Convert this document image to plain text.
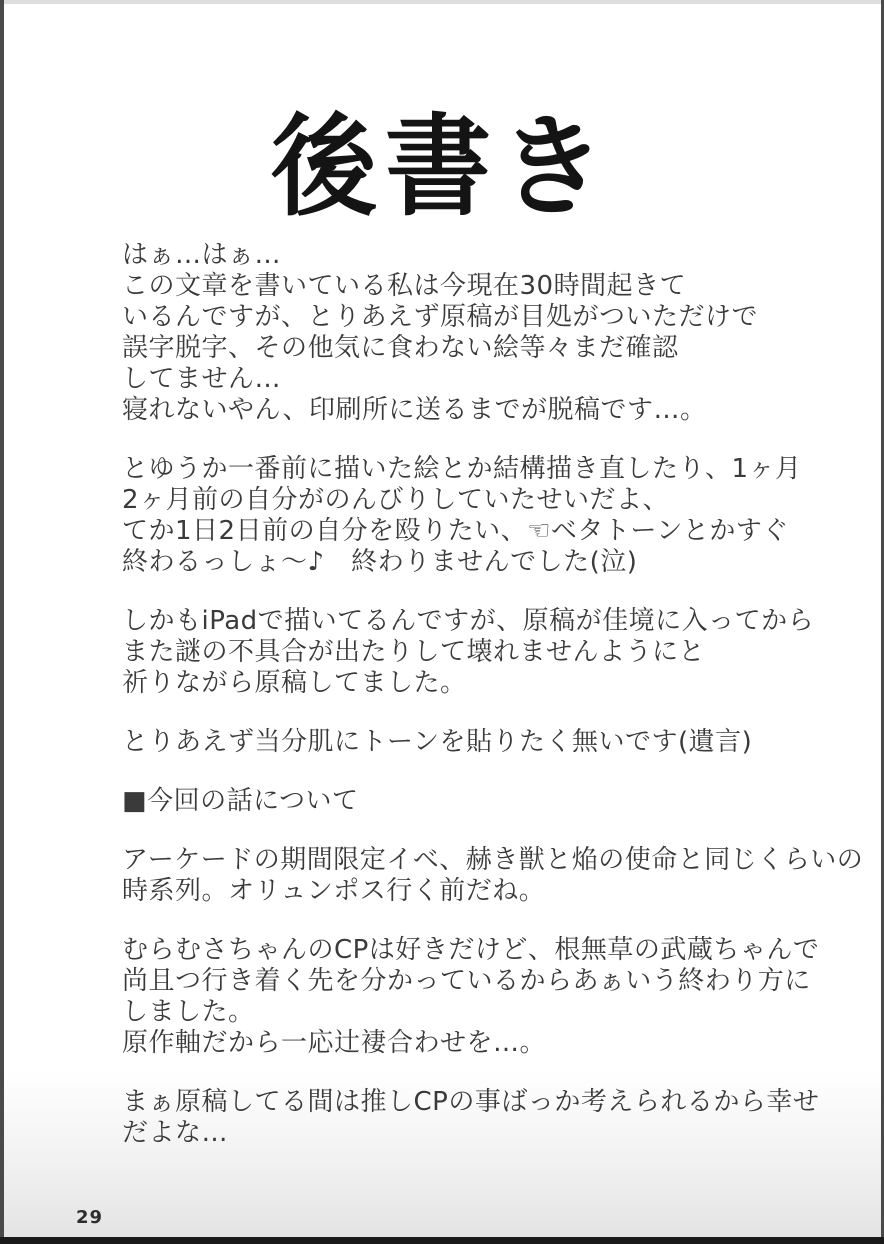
後書き
はぁ…はぁ…
この文章を書いている私は今現在30時間起きて
いるんですが、とりあえず原稿が目処がついただけで
誤字脱字、その他気に食わない絵等々まだ確認
してません…
寝れないやん、印刷所に送るまでが脱稿です…。
とゆうか一番前に描いた絵とか結構描き直したり、1ヶ月
2ヶ月前の自分がのんびりしていたせいだよ、
てか1日2日前の自分を殴りたい、☜ベタトーンとかすぐ
終わるっしょ〜♪　終わりませんでした(泣)
しかもiPadで描いてるんですが、原稿が佳境に入ってから
また謎の不具合が出たりして壊れませんようにと
祈りながら原稿してました。
とりあえず当分肌にトーンを貼りたく無いです(遺言)
■今回の話について
アーケードの期間限定イベ、赫き獣と焔の使命と同じくらいの
時系列。オリュンポス行く前だね。
むらむさちゃんのCPは好きだけど、根無草の武蔵ちゃんで
尚且つ行き着く先を分かっているからあぁいう終わり方に
しました。
原作軸だから一応辻褄合わせを…。
まぁ原稿してる間は推しCPの事ばっか考えられるから幸せ
だよな…
29
